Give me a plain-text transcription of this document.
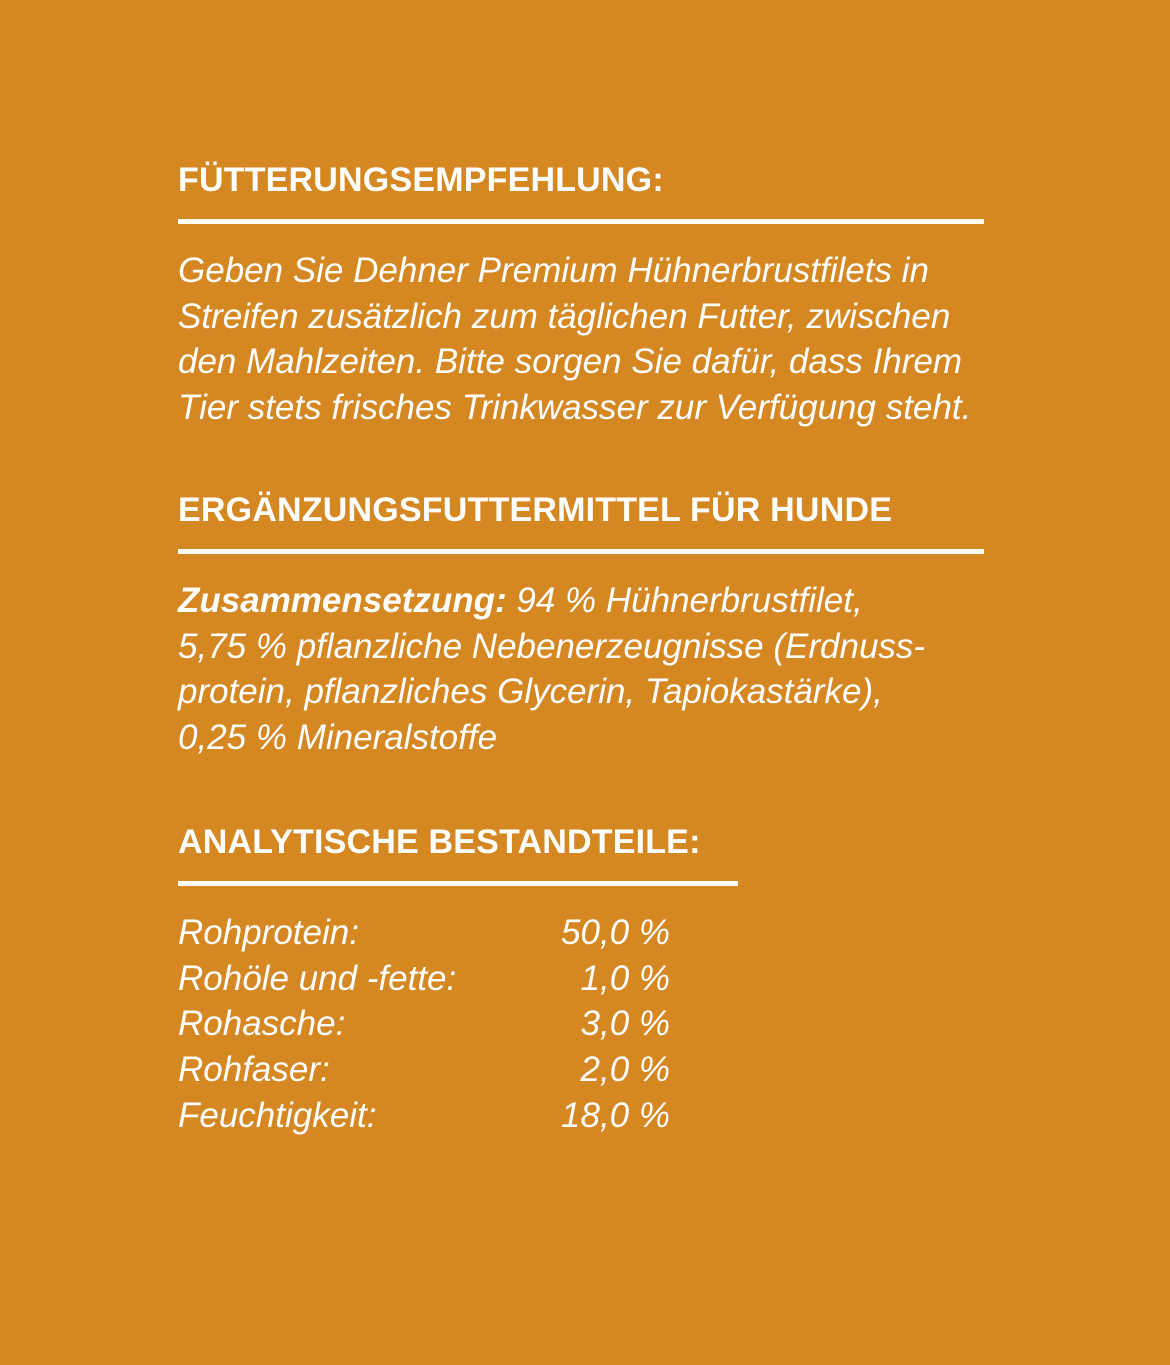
FÜTTERUNGSEMPFEHLUNG:

Geben Sie Dehner Premium Hühnerbrustfilets in
Streifen zusätzlich zum täglichen Futter, zwischen
den Mahlzeiten. Bitte sorgen Sie dafür, dass Ihrem
Tier stets frisches Trinkwasser zur Verfügung steht.

ERGÄNZUNGSFUTTERMITTEL FÜR HUNDE

Zusammensetzung: 94 % Hühnerbrustfilet,
5,75 % pflanzliche Nebenerzeugnisse (Erdnuss-
protein, pflanzliches Glycerin, Tapiokastärke),
0,25 % Mineralstoffe

ANALYTISCHE BESTANDTEILE:
Rohprotein:	50,0 %
Rohöle und -fette:	1,0 %
Rohasche:	3,0 %
Rohfaser:	2,0 %
Feuchtigkeit:	18,0 %
